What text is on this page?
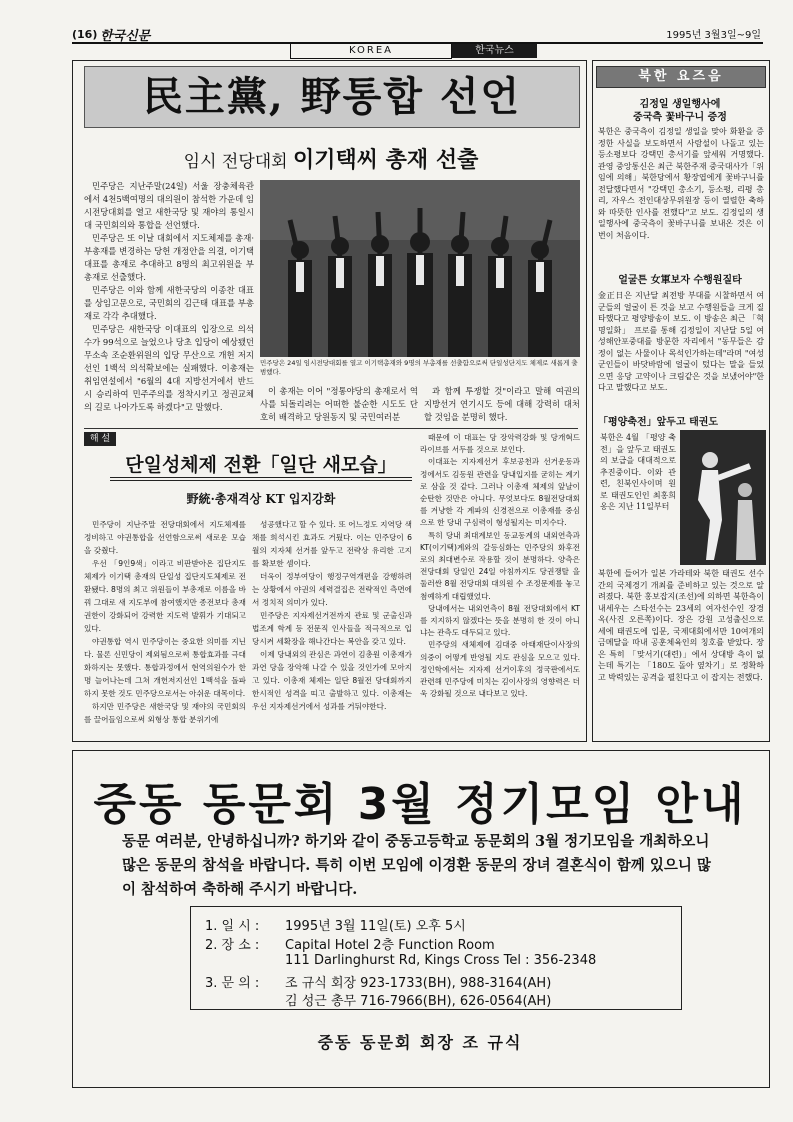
(16) 한국신문	1995년 3월3일~9일
KOREA	한국뉴스
民主黨, 野통합 선언
임시 전당대회 이기택씨 총재 선출

민주당은 지난주말(24일) 서울 장충체육관에서 4천5백여명의 대의원이 참석한 가운데 임시전당대회를 열고 새한국당 및 재야의 통일시대 국민회의와 통합을 선언했다.

민주당은 또 이날 대회에서 지도체제를 총재·부총재를 변경하는 당헌 개정안을 의결, 이기택 대표를 총재로 추대하고 8명의 최고위원을 부총재로 선출했다.

민주당은 이와 함께 새한국당의 이종찬 대표를 상임고문으로, 국민회의 김근태 대표를 부총재로 각각 추대했다.

민주당은 새한국당 이대표의 입장으로 의석수가 99석으로 늘었으나 당초 입당이 예상됐던 무소속 조순환위원의 입당 무산으로 개헌 저지선인 1백석 의석확보에는 실패했다. 이총재는 취임연설에서 "6월의 4대 지방선거에서 반드시 승리하여 민주주의를 정착시키고 정권교체의 길로 나아가도록 하겠다"고 말했다.

민주당은 24일 임시전당대회를 열고 이기택총재와 9명의 부총재를 선출함으로써 단일성단지도 체제로 새롭게 출범했다.

이 총재는 이어 "정통야당의 총재로서 역사를 되돌리려는 어떠한 불순한 시도도 단호히 배격하고 당원동지 및 국민여러분

과 함께 투쟁할 것"이라고 말해 여권의 지방선거 연기시도 등에 대해 강력히 대처할 것임을 분명히 했다.

해 설
단일성체제 전환「일단 새모습」
野統·총재격상 KT 입지강화

민주당이 지난주말 전당대회에서 지도체제를 정비하고 야권통합을 선언함으로써 새로운 모습을 갖췄다.

우선 「9인9색」이라고 비판받아온 집단지도체제가 이기택 총재의 단일성 집단지도체제로 전환됐다. 8명의 최고 위원들이 부총재로 이름을 바꿔 그대로 새 지도부에 참여했지만 종전보다 총재권한이 강화되어 강력한 지도력 발휘가 기대되고 있다.

야권통합 역시 민주당이는 중요한 의미를 지닌다. 물론 신민당이 제외됨으로써 통합효과를 극대화하지는 못했다. 통합과정에서 현역의원수가 한명 늘어나는데 그쳐 개헌저지선인 1백석을 돌파하지 못한 것도 민주당으로서는 아쉬운 대목이다.

하지만 민주당은 새한국당 및 재야의 국민회의를 끌어들임으로써 외형상 통합 분위기에

성공했다고 할 수 있다. 또 어느정도 지역당 색채를 희석시킨 효과도 거뒀다. 이는 민주당이 6월의 지자체 선거를 앞두고 전략상 유리한 고지를 확보한 셈이다.

더욱이 정부여당이 행정구역개편을 강행하려는 상황에서 야권의 세력결집은 전략적인 측면에서 정치적 의미가 있다.

민주당은 지자제선거전까지 관료 및 군출신과 법조계 학계 등 전문직 인사들을 적극적으로 입당시켜 세확장을 해나간다는 복안을 갖고 있다.

이제 당내외의 관심은 과연이 김총원 이총재가 과연 당을 장악해 나갈 수 있을 것인가에 모아지고 있다. 이총재 체제는 일단 8월전 당대회까지 한시적인 성격을 띠고 출발하고 있다. 이총재는 우선 지자제선거에서 성과를 거둬야한다.

때문에 이 대표는 당 장악력강화 및 당개혁드라이브를 서두를 것으로 보인다.

이대표는 지자제선거 후보공천과 선거운동과정에서도 김동원 관련을 당내입지를 굳히는 계기로 삼을 것 같다. 그러나 이총재 체제의 앞날이 순탄한 것만은 아니다. 무엇보다도 8월전당대회를 겨냥한 각 계파의 신경전으로 이총재를 중심으로 한 당내 구심력이 형성될지는 미지수다.

특히 당내 최대계보인 동교동계의 내외연측과 KT(이기택)계와의 갈등심화는 민주당의 화후전로의 최대변수로 작용할 것이 분명하다. 양측은 전당대회 당일인 24일 아침까지도 당권쟁탈 을 둘러싼 8월 전당대회 대의원 수 조정문제를 놓고 첨예하게 대립했었다.

당내에서는 내외연측이 8월 전당대회에서 KT를 지지하지 않겠다는 뜻을 분명히 한 것이 아니냐는 관측도 대두되고 있다.

민주당의 새체제에 김대중 아태재단이사장의 의중이 어떻게 반영될 지도 관심을 모으고 있다. 정인학에서는 지자제 선거이후의 정국판에서도 관련해 민주당에 미치는 김이사장의 영향력은 더욱 강화될 것으로 내다보고 있다.

북한 요즈음
김정일 생일행사에
중국측 꽃바구니 증정
북한은 중국측이 김정일 생일을 맞아 화환을 증정한 사실을 보도하면서 사람설이 나돌고 있는 등소평보다 강택민 총서기를 앞세워 거명했다. 관영 중앙통신은 최근 북한주재 중국대사가「위임에 의해」북한당에서 황장엽에게 꽃바구니를 전달했다면서 "강택민 총소기, 등소평, 리평 총리, 자우스 전인대상무위원장 등이 열렬한 축하와 따뜻한 인사를 전했다"고 보도. 김정일의 생일행사에 중국측이 꽃바구니를 보내온 것은 이번이 처음이다.
얼굴튼 女軍보자 수행원질타
金正日은 지난달 최전방 부대를 시찰하면서 여군들의 얼굴이 튼 것을 보고 수행원들을 크게 질타했다고 평양방송이 보도. 이 방송은 최근 「혁명일화」 프로를 통해 김정일이 지난달 5일 여성해안포중대를 방문한 자리에서 "동무들은 감정이 없는 사물이나 목석인가하는데"라며 "여성군인들이 바닷바람에 얼굴이 텄다는 말을 들었으면 응당 고약이나 크림같은 것을 보냈어야"한다고 말했다고 보도.
「평양축전」앞두고 태권도
북한은 4월 「평양 축전」을 앞두고 태권도의 보급을 대대적으로 추진중이다. 이와 관련, 친북인사이며 원로 태권도인인 최홍희옹은 지난 11일부터
북한에 들어가 일본 가라테와 북한 태권도 선수간의 국제경기 개최를 준비하고 있는 것으로 알려졌다. 북한 홍보잡지(조선)에 의하면 북한측이 내세우는 스타선수는 23세의 여자선수인 장경옥(사진 오른쪽)이다. 장은 강원 고성출신으로 세에 태권도에 입문, 국제대회에서만 10여개의 금메달을 따내 공훈체육인의 칭호를 받았다. 장은 특히 「맞서기(대련)」에서 상대방 측이 없는데 특기는 「180도 돌아 옆차기」로 정확하고 박력있는 공격을 펼친다고 이 잡지는 전했다.
중동 동문회 3월 정기모임 안내
동문 여러분, 안녕하십니까? 하기와 같이 중동고등학교 동문회의 3월 정기모임을 개최하오니 많은 동문의 참석을 바랍니다. 특히 이번 모임에 이경환 동문의 장녀 결혼식이 함께 있으니 많이 참석하여 축하해 주시기 바랍니다.
1. 일 시 : 1995년 3월 11일(토) 오후 5시
2. 장 소 : Capital Hotel 2층 Function Room
111 Darlinghurst Rd, Kings Cross Tel : 356-2348
3. 문 의 : 조 규식 회장 923-1733(BH), 988-3164(AH)
김 성근 총무 716-7966(BH), 626-0564(AH)
중동 동문회 회장 조 규식
